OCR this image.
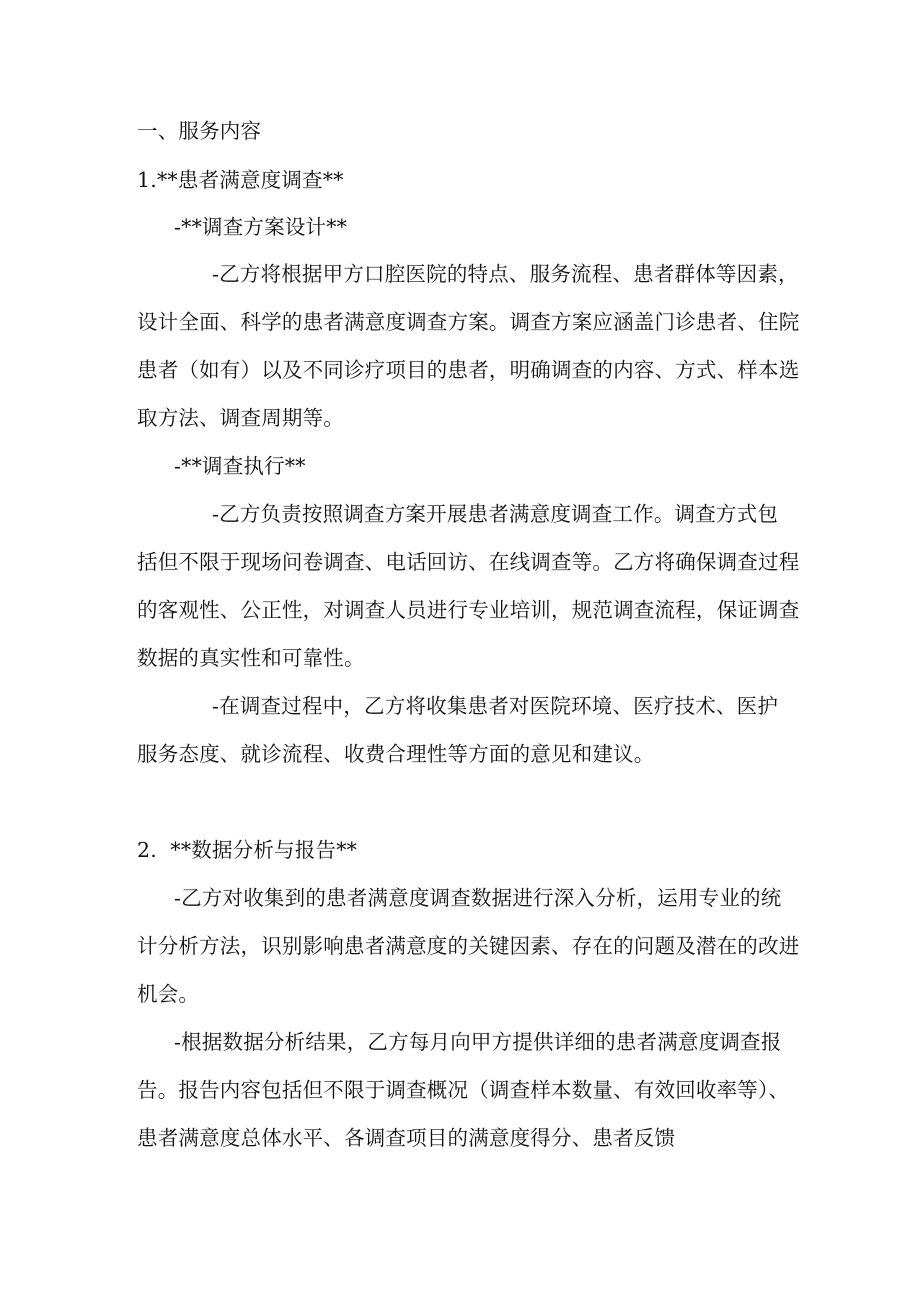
一、服务内容
1.**患者满意度调查**
-**调查方案设计**
-乙方将根据甲方口腔医院的特点、服务流程、患者群体等因素，
设计全面、科学的患者满意度调查方案。调查方案应涵盖门诊患者、住院
患者（如有）以及不同诊疗项目的患者，明确调查的内容、方式、样本选
取方法、调查周期等。
-**调查执行**
-乙方负责按照调查方案开展患者满意度调查工作。调查方式包
括但不限于现场问卷调查、电话回访、在线调查等。乙方将确保调查过程
的客观性、公正性，对调查人员进行专业培训，规范调查流程，保证调查
数据的真实性和可靠性。
-在调查过程中，乙方将收集患者对医院环境、医疗技术、医护
服务态度、就诊流程、收费合理性等方面的意见和建议。
2.  **数据分析与报告**
-乙方对收集到的患者满意度调查数据进行深入分析，运用专业的统
计分析方法，识别影响患者满意度的关键因素、存在的问题及潜在的改进
机会。
-根据数据分析结果，乙方每月向甲方提供详细的患者满意度调查报
告。报告内容包括但不限于调查概况（调查样本数量、有效回收率等）、
患者满意度总体水平、各调查项目的满意度得分、患者反馈
